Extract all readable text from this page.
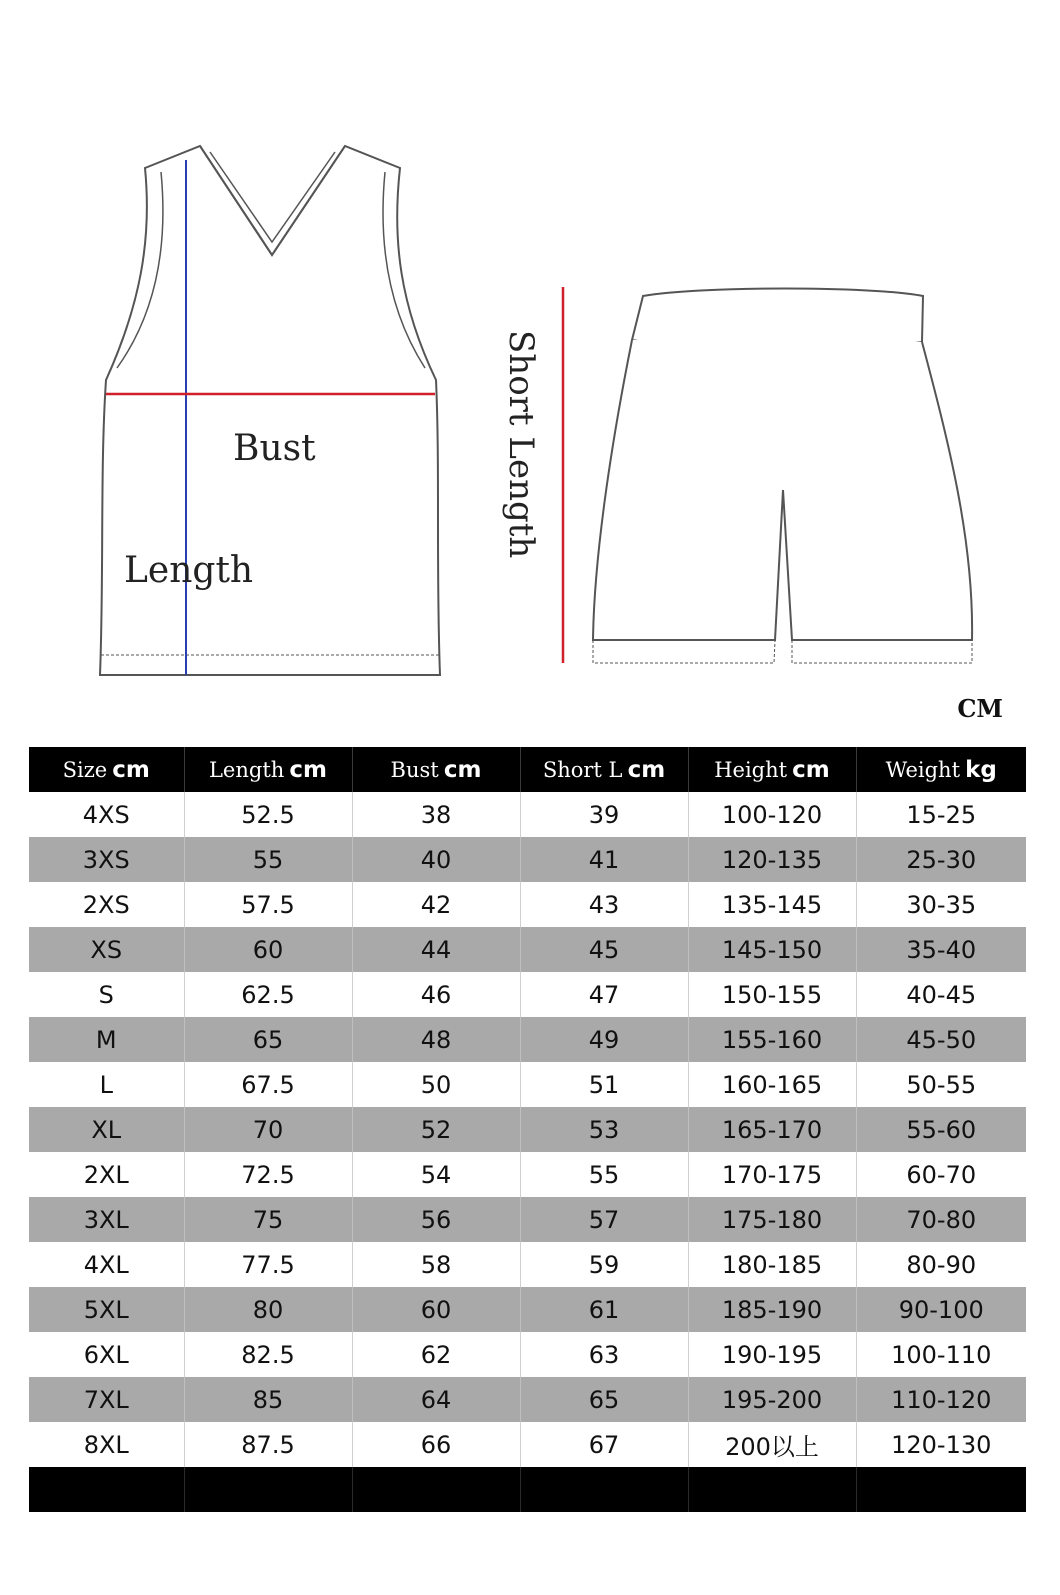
Bust
Length
Short Length
CM
Size cm	Length cm	Bust cm	Short L cm	Height cm	Weight kg
4XS	52.5	38	39	100-120	15-25
3XS	55	40	41	120-135	25-30
2XS	57.5	42	43	135-145	30-35
XS	60	44	45	145-150	35-40
S	62.5	46	47	150-155	40-45
M	65	48	49	155-160	45-50
L	67.5	50	51	160-165	50-55
XL	70	52	53	165-170	55-60
2XL	72.5	54	55	170-175	60-70
3XL	75	56	57	175-180	70-80
4XL	77.5	58	59	180-185	80-90
5XL	80	60	61	185-190	90-100
6XL	82.5	62	63	190-195	100-110
7XL	85	64	65	195-200	110-120
8XL	87.5	66	67	200以上	120-130
